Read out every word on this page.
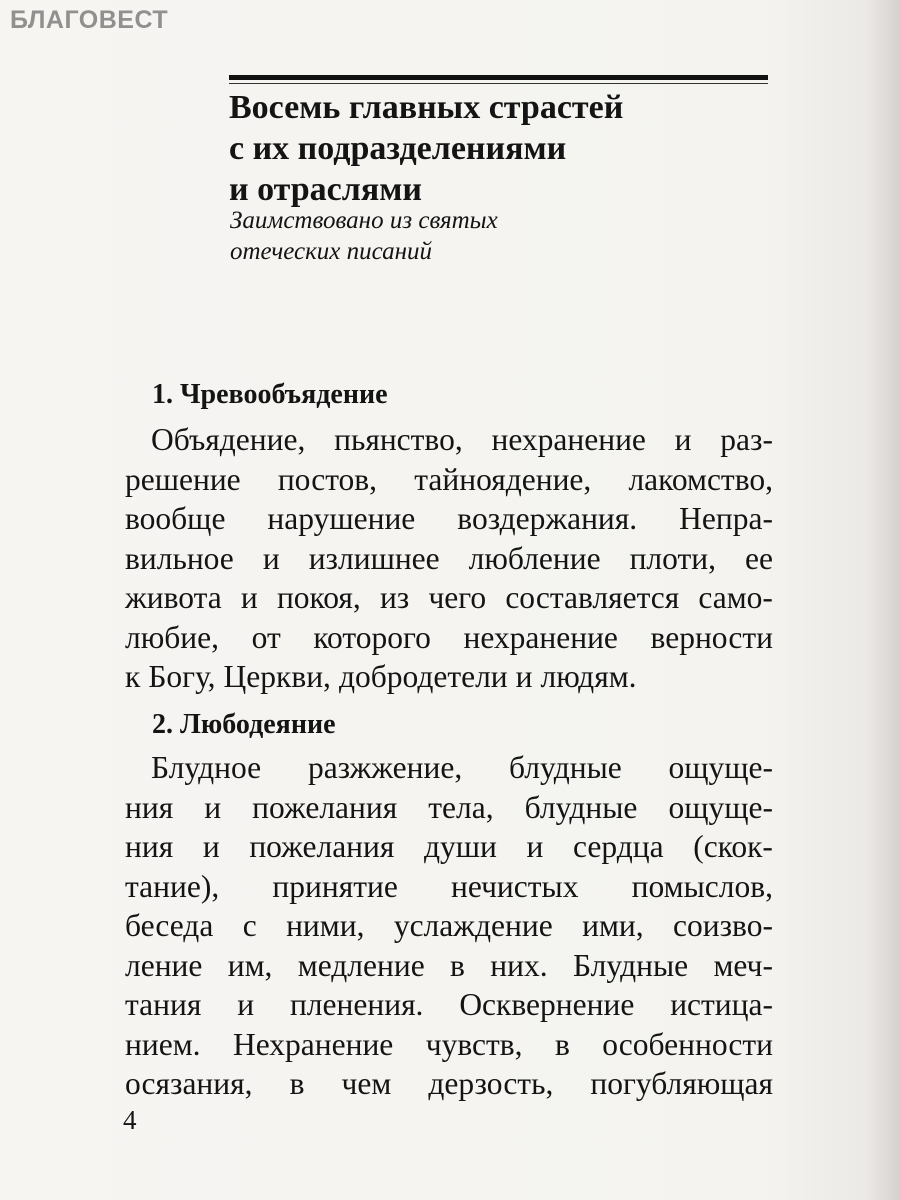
БЛАГОВЕСТ
Восемь главных страстей
с их подразделениями
и отраслями
Заимствовано из святых
отеческих писаний
1. Чревообъядение
Объядение, пьянство, нехранение и раз-
решение постов, тайноядение, лакомство,
вообще нарушение воздержания. Непра-
вильное и излишнее любление плоти, ее
живота и покоя, из чего составляется само-
любие, от которого нехранение верности
к Богу, Церкви, добродетели и людям.
2. Любодеяние
Блудное разжжение, блудные ощуще-
ния и пожелания тела, блудные ощуще-
ния и пожелания души и сердца (скок-
тание), принятие нечистых помыслов,
беседа с ними, услаждение ими, соизво-
ление им, медление в них. Блудные меч-
тания и пленения. Осквернение истица-
нием. Нехранение чувств, в особенности
осязания, в чем дерзость, погубляющая
4
